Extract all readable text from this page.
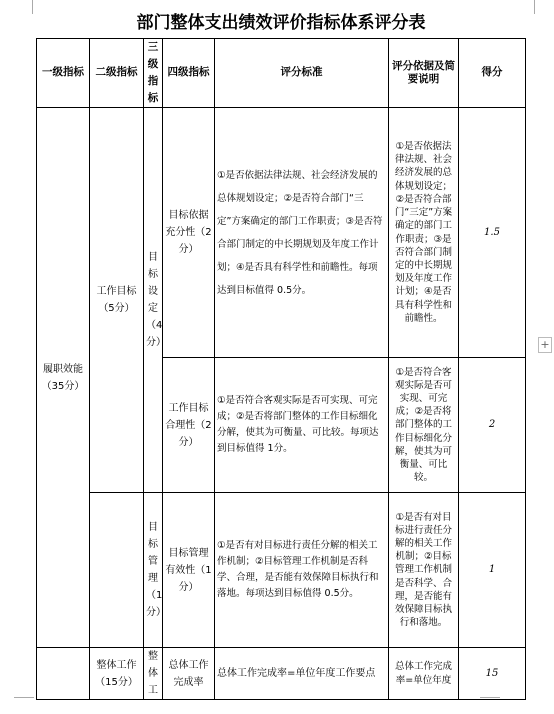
部门整体支出绩效评价指标体系评分表
一级指标	二级指标	三级指标	四级指标	评分标准	评分依据及简要说明	得分
履职效能（35分）	工作目标（5分）	目标设定（4分）	目标依据充分性（2分）	①是否依据法律法规、社会经济发展的总体规划设定；②是否符合部门“三定”方案确定的部门工作职责；③是否符合部门制定的中长期规划及年度工作计划；④是否具有科学性和前瞻性。每项达到目标值得 0.5分。	①是否依据法律法规、社会经济发展的总体规划设定；②是否符合部门“三定”方案确定的部门工作职责；③是否符合部门制定的中长期规划及年度工作计划；④是否具有科学性和前瞻性。	1.5
			工作目标合理性（2分）	①是否符合客观实际是否可实现、可完成；②是否将部门整体的工作目标细化分解，使其为可衡量、可比较。每项达到目标值得 1分。	①是否符合客观实际是否可实现、可完成；②是否将部门整体的工作目标细化分解，使其为可衡量、可比较。	2
		目标管理（1分）	目标管理有效性（1分）	①是否有对目标进行责任分解的相关工作机制；②目标管理工作机制是否科学、合理，是否能有效保障目标执行和落地。每项达到目标值得 0.5分。	①是否有对目标进行责任分解的相关工作机制；②目标管理工作机制是否科学、合理，是否能有效保障目标执行和落地。	1
	整体工作（15分）	整体工	总体工作完成率	总体工作完成率=单位年度工作要点	总体工作完成率=单位年度	15
+
